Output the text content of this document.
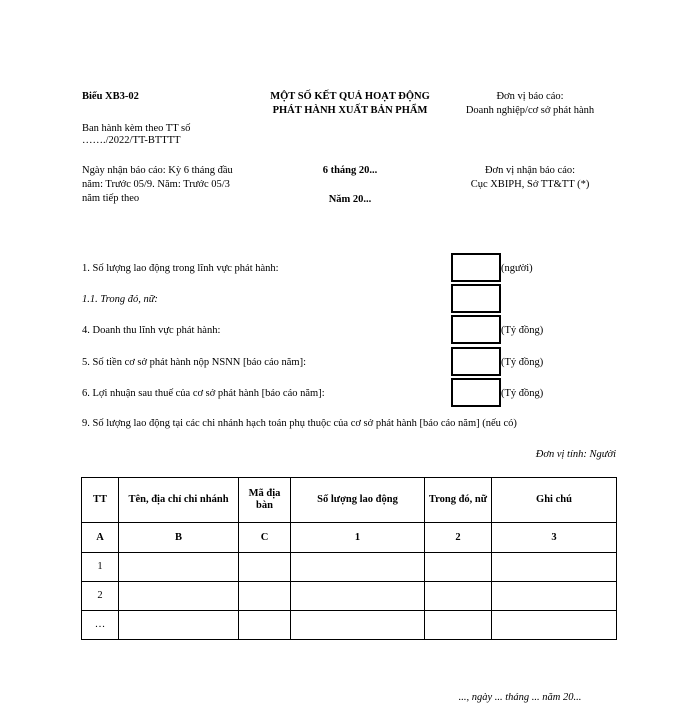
Biểu XB3-02
Ban hành kèm theo TT số
……./2022/TT-BTTTT
MỘT SỐ KẾT QUẢ HOẠT ĐỘNG
PHÁT HÀNH XUẤT BẢN PHẨM
Đơn vị báo cáo:
Doanh nghiệp/cơ sở phát hành
Ngày nhận báo cáo: Kỳ 6 tháng đầu
năm: Trước 05/9. Năm: Trước 05/3
năm tiếp theo
6 tháng 20...
Năm 20...
Đơn vị nhận báo cáo:
Cục XBIPH, Sở TT&TT (*)
1. Số lượng lao động trong lĩnh vực phát hành:	(người)
1.1. Trong đó, nữ:
4. Doanh thu lĩnh vực phát hành:	(Tỷ đồng)
5. Số tiền cơ sở phát hành nộp NSNN [báo cáo năm]:	(Tỷ đồng)
6. Lợi nhuận sau thuế của cơ sở phát hành [báo cáo năm]:	(Tỷ đồng)
9. Số lượng lao động tại các chi nhánh hạch toán phụ thuộc của cơ sở phát hành [báo cáo năm] (nếu có)
Đơn vị tính: Người
TT	Tên, địa chỉ chi nhánh	Mã địa bàn	Số lượng lao động	Trong đó, nữ	Ghi chú
A	B	C	1	2	3
1					
2					
…					
..., ngày ... tháng ... năm 20...
